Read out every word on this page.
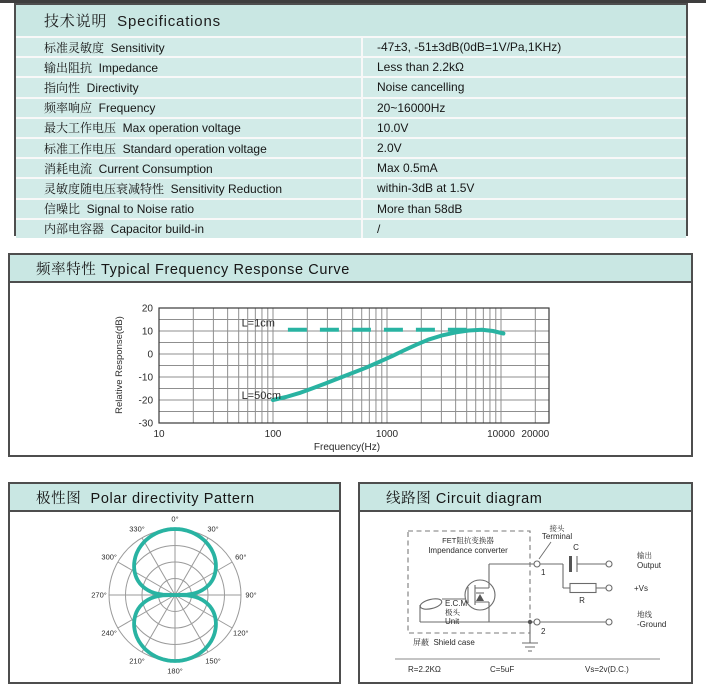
技术说明  Specifications
标准灵敏度  Sensitivity	-47±3, -51±3dB(0dB=1V/Pa,1KHz)
输出阻抗  Impedance	Less than 2.2kΩ
指向性  Directivity	Noise cancelling
频率响应  Frequency	20~16000Hz
最大工作电压  Max operation voltage	10.0V
标准工作电压  Standard operation voltage	2.0V
消耗电流  Current Consumption	Max 0.5mA
灵敏度随电压衰减特性  Sensitivity Reduction	within-3dB at 1.5V
信噪比  Signal to Noise ratio	More than 58dB
内部电容器  Capacitor build-in	/
频率特性 Typical Frequency Response Curve
20
10
0
-10
-20
-30
10	100	1000	10000 20000
Frequency(Hz)
Relative Response(dB)	L=1cm
L=50cm
极性图  Polar directivity Pattern
0°
30°
60°
90°
120°
150°
180°
210°
240°
270°
300°
330°
线路图 Circuit diagram
FET阻抗变换器
Impendance converter
E.C.M
极头
Unit
接头
Terminal
1
2
C
R
输出
Output
+Vs
地线
-Ground
屏蔽  Shield case
R=2.2KΩ	C=5uF	Vs=2v(D.C.)
